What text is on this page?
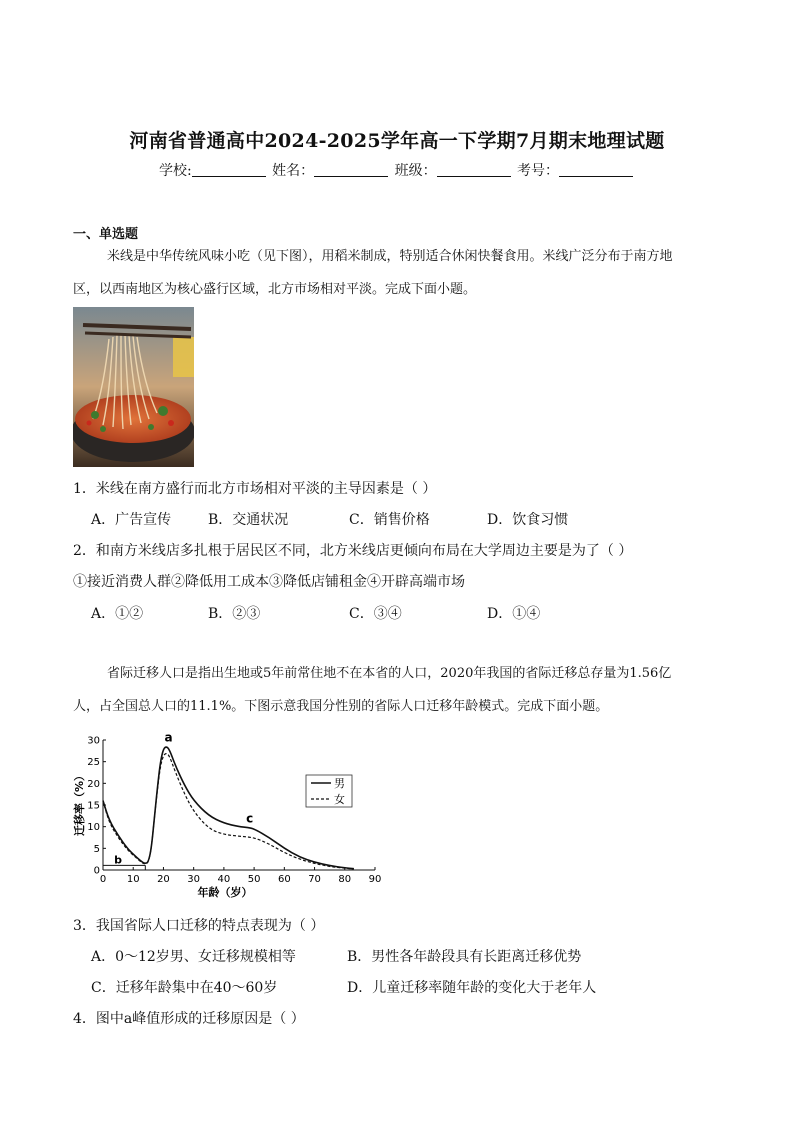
河南省普通高中2024-2025学年高一下学期7月期末地理试题
学校:	姓名：	班级：	考号：
一、单选题
米线是中华传统风味小吃（见下图），用稻米制成，特别适合休闲快餐食用。米线广泛分布于南方地
区，以西南地区为核心盛行区域，北方市场相对平淡。完成下面小题。
1．米线在南方盛行而北方市场相对平淡的主导因素是（ ）
A．广告宣传	B．交通状况	C．销售价格	D．饮食习惯
2．和南方米线店多扎根于居民区不同，北方米线店更倾向布局在大学周边主要是为了（ ）
①接近消费人群②降低用工成本③降低店铺租金④开辟高端市场
A．①②	B．②③	C．③④	D．①④
省际迁移人口是指出生地或5年前常住地不在本省的人口，2020年我国的省际迁移总存量为1.56亿
人，占全国总人口的11.1%。下图示意我国分性别的省际人口迁移年龄模式。完成下面小题。
0 10 20 30 40 50 60 70 80 90
0
5
10
15
20
25
30	a
b
c
男
女
年龄（岁）
迁移率（%）
3．我国省际人口迁移的特点表现为（ ）
A．0～12岁男、女迁移规模相等	B．男性各年龄段具有长距离迁移优势
C．迁移年龄集中在40～60岁	D．儿童迁移率随年龄的变化大于老年人
4．图中a峰值形成的迁移原因是（ ）
